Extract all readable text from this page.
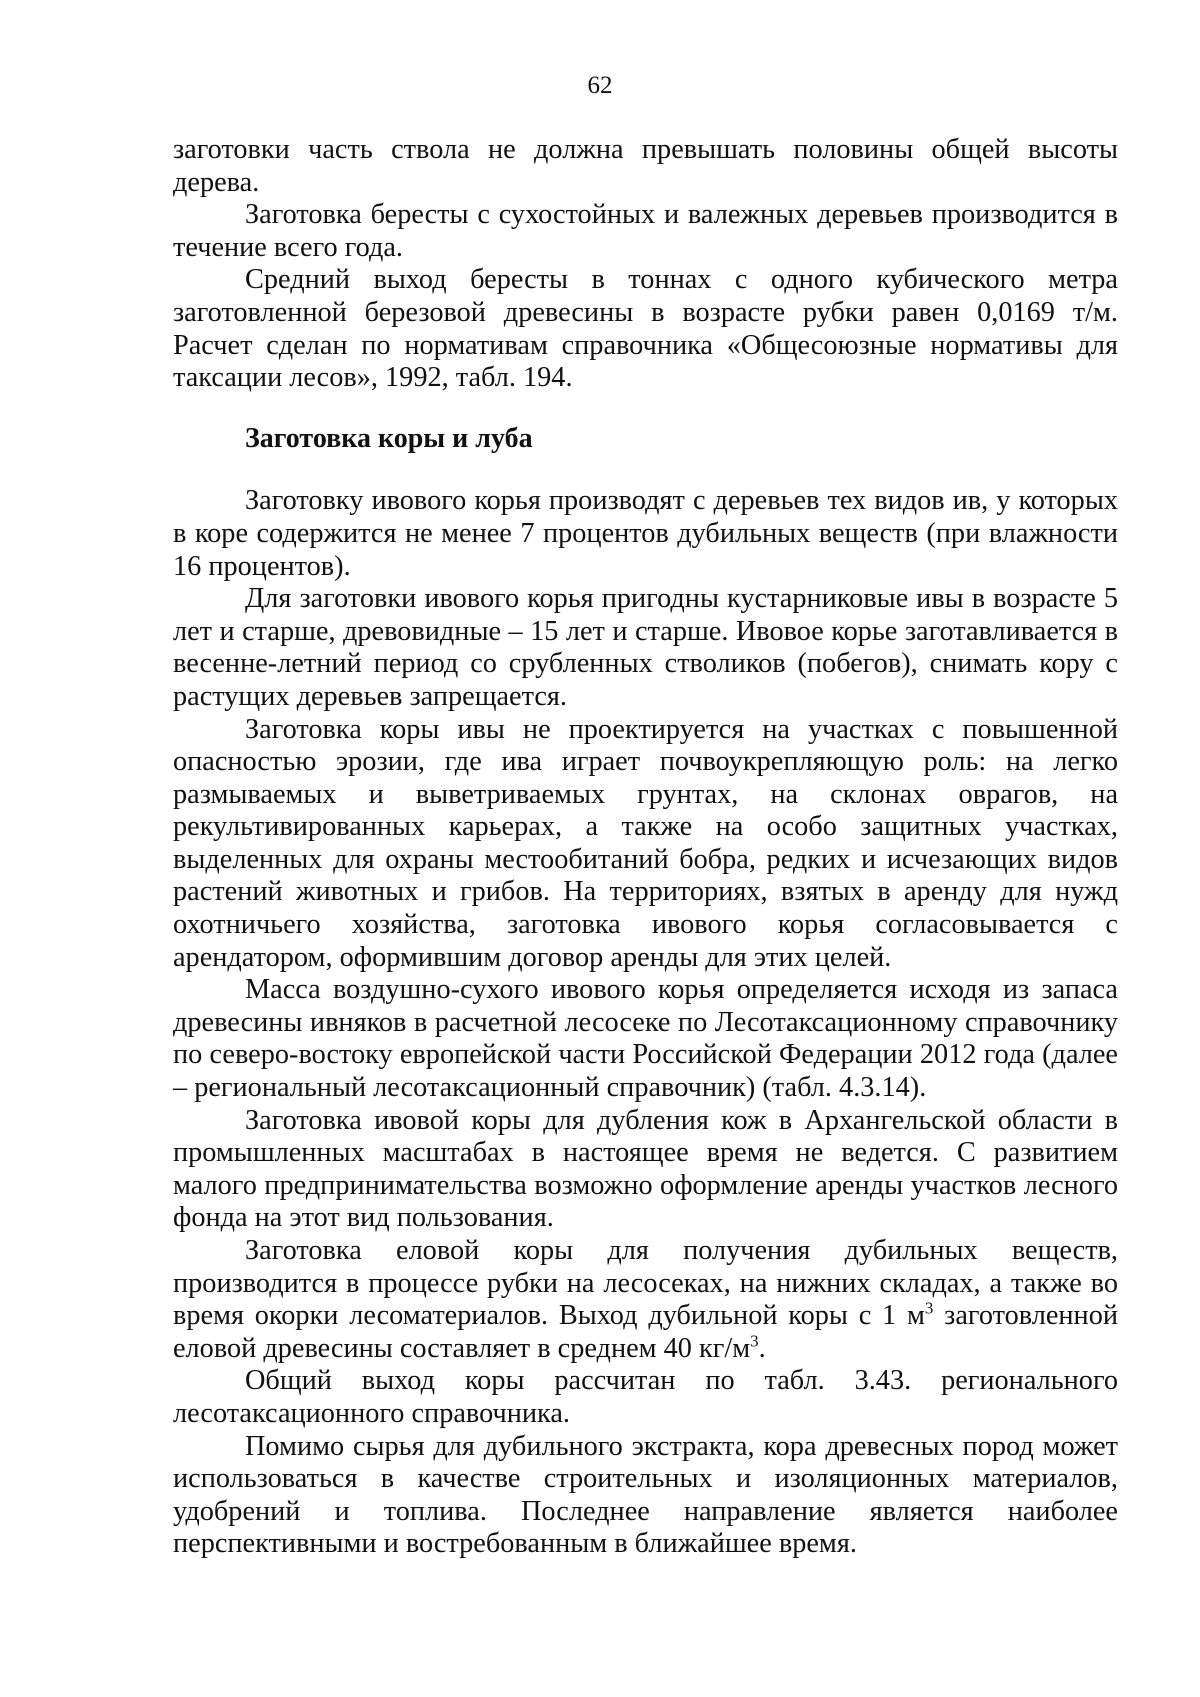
62

заготовки часть ствола не должна превышать половины общей высоты дерева.

Заготовка бересты с сухостойных и валежных деревьев производится в течение всего года.

Средний выход бересты в тоннах с одного кубического метра заготовленной березовой древесины в возрасте рубки равен 0,0169 т/м. Расчет сделан по нормативам справочника «Общесоюзные нормативы для таксации лесов», 1992, табл. 194.

Заготовка коры и луба

Заготовку ивового корья производят с деревьев тех видов ив, у которых в коре содержится не менее 7 процентов дубильных веществ (при влажности 16 процентов).

Для заготовки ивового корья пригодны кустарниковые ивы в возрасте 5 лет и старше, древовидные – 15 лет и старше. Ивовое корье заготавливается в весенне-летний период со срубленных стволиков (побегов), снимать кору с растущих деревьев запрещается.

Заготовка коры ивы не проектируется на участках с повышенной опасностью эрозии, где ива играет почвоукрепляющую роль: на легко размываемых и выветриваемых грунтах, на склонах оврагов, на рекультивированных карьерах, а также на особо защитных участках, выделенных для охраны местообитаний бобра, редких и исчезающих видов растений животных и грибов. На территориях, взятых в аренду для нужд охотничьего хозяйства, заготовка ивового корья согласовывается с арендатором, оформившим договор аренды для этих целей.

Масса воздушно-сухого ивового корья определяется исходя из запаса древесины ивняков в расчетной лесосеке по Лесотаксационному справочнику по северо-востоку европейской части Российской Федерации 2012 года (далее – региональный лесотаксационный справочник) (табл. 4.3.14).

Заготовка ивовой коры для дубления кож в Архангельской области в промышленных масштабах в настоящее время не ведется. С развитием малого предпринимательства возможно оформление аренды участков лесного фонда на этот вид пользования.

Заготовка еловой коры для получения дубильных веществ, производится в процессе рубки на лесосеках, на нижних складах, а также во время окорки лесоматериалов. Выход дубильной коры с 1 $м^3$ заготовленной еловой древесины составляет в среднем 40 $кг/м^3$.

Общий выход коры рассчитан по табл. 3.43. регионального лесотаксационного справочника.

Помимо сырья для дубильного экстракта, кора древесных пород может использоваться в качестве строительных и изоляционных материалов, удобрений и топлива. Последнее направление является наиболее перспективными и востребованным в ближайшее время.
